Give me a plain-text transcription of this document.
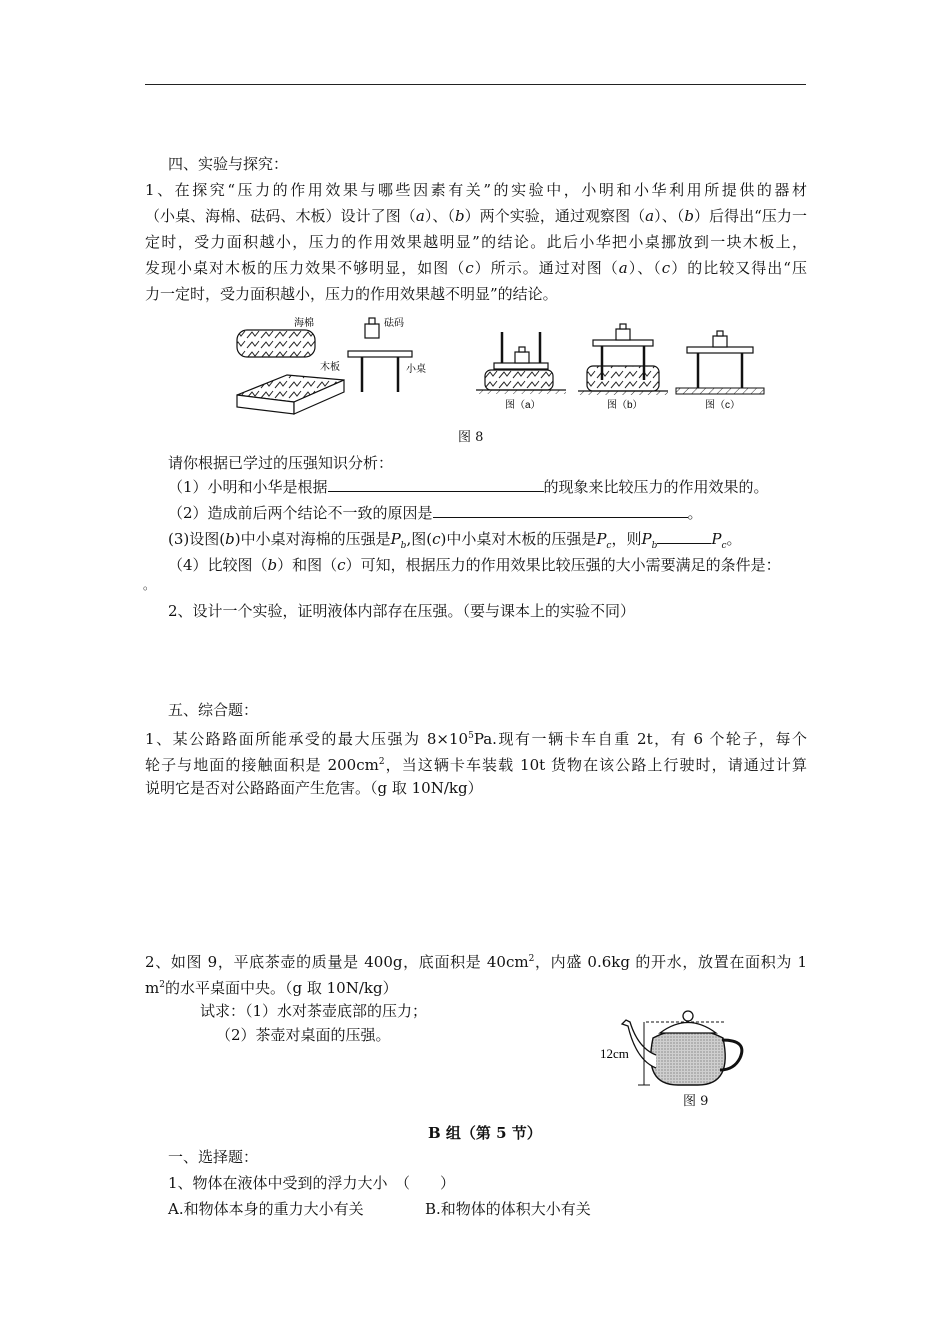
四、实验与探究：
1、在探究“压力的作用效果与哪些因素有关”的实验中，小明和小华利用所提供的器材
（小桌、海棉、砝码、木板）设计了图（a）、（b）两个实验，通过观察图（a）、（b）后得出“压力一
定时，受力面积越小，压力的作用效果越明显”的结论。此后小华把小桌挪放到一块木板上，
发现小桌对木板的压力效果不够明显，如图（c）所示。通过对图（a）、（c）的比较又得出“压
力一定时，受力面积越小，压力的作用效果越不明显”的结论。
海棉
木板
砝码
小桌
图（a）	图（b）	图（c）
图 8
请你根据已学过的压强知识分析：
（1）小明和小华是根据	的现象来比较压力的作用效果的。
（2）造成前后两个结论不一致的原因是	。
(3)设图(b)中小桌对海棉的压强是$P_b$,图(c)中小桌对木板的压强是$P_c$，则$P_b$	$P_c$。
（4）比较图（b）和图（c）可知，根据压力的作用效果比较压强的大小需要满足的条件是：
。
2、设计一个实验，证明液体内部存在压强。（要与课本上的实验不同）
五、综合题：
1、某公路路面所能承受的最大压强为 $8\times 10^5Pa$.现有一辆卡车自重 2t，有 6 个轮子，每个
轮子与地面的接触面积是 $200cm^2$，当这辆卡车装载 10t 货物在该公路上行驶时，请通过计算
说明它是否对公路路面产生危害。（g 取 10N/kg）
2、如图 9，平底茶壶的质量是 400g，底面积是 $40cm^2$，内盛 0.6kg 的开水，放置在面积为 1
$m^2$的水平桌面中央。（g 取 10N/kg）
试求：（1）水对茶壶底部的压力；
（2）茶壶对桌面的压强。
12cm
图 9
B 组（第 5 节）
一、选择题：
1、物体在液体中受到的浮力大小　（　　）
A.和物体本身的重力大小有关	B.和物体的体积大小有关
